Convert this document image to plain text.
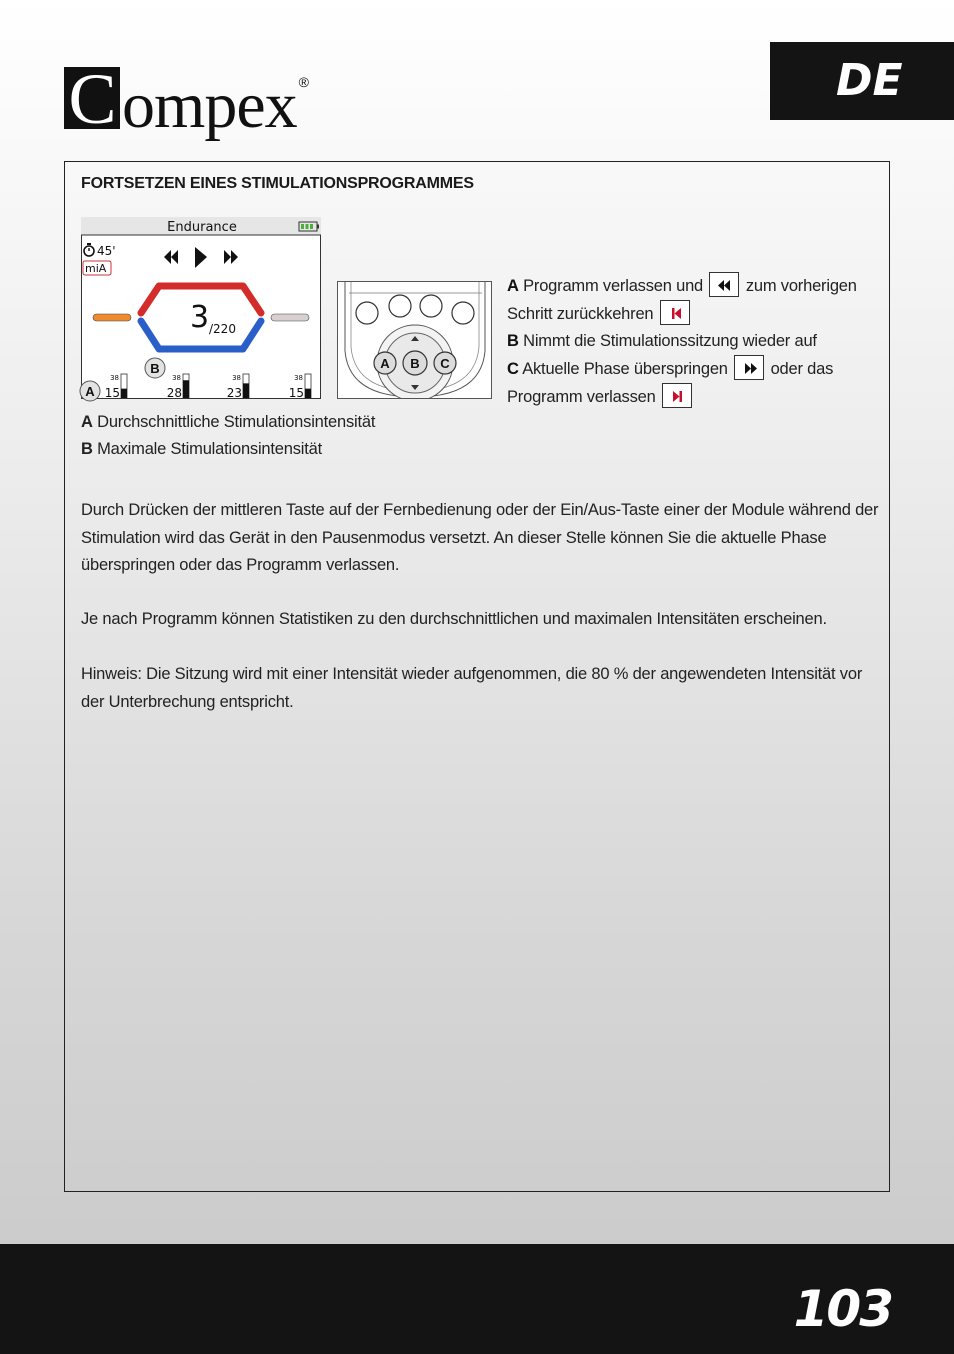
Compex ®	DE
FORTSETZEN EINES STIMULATIONSPROGRAMMES
Endurance
45'
miA
3 /220
38
15
38
28
38
23
38
15
B
A
A B C
A Programm verlassen und	zum vorherigen Schritt zurückkehren
B Nimmt die Stimulationssitzung wieder auf
C Aktuelle Phase überspringen	oder das Programm verlassen
A Durchschnittliche Stimulationsintensität
B Maximale Stimulationsintensität

Durch Drücken der mittleren Taste auf der Fernbedienung oder der Ein/Aus-Taste einer der Module während der Stimulation wird das Gerät in den Pausenmodus versetzt. An dieser Stelle können Sie die aktuelle Phase überspringen oder das Programm verlassen.

Je nach Programm können Statistiken zu den durchschnittlichen und maximalen Intensitäten erscheinen.

Hinweis: Die Sitzung wird mit einer Intensität wieder aufgenommen, die 80 % der angewendeten Intensität vor der Unterbrechung entspricht.

103
